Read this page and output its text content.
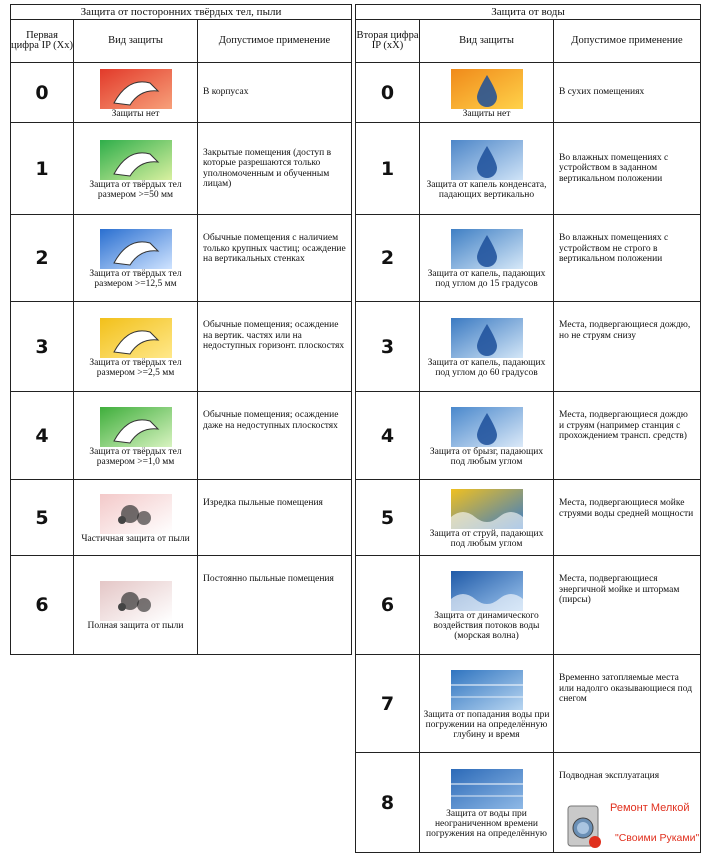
Защита от посторонних твёрдых тел, пыли		
Первая цифра IP (Xx)	Вид защиты	Допустимое применение
0	Защиты нет	В корпусах
1	Защита от твёрдых тел размером >=50 мм	Закрытые помещения (доступ в которые разрешаются только уполномоченным и обученным лицам)
2	Защита от твёрдых тел размером >=12,5 мм	Обычные помещения с наличием только крупных частиц; осаждение на вертикальных стенках
3	Защита от твёрдых тел размером >=2,5 мм	Обычные помещения; осаждение на вертик. частях или на недоступных горизонт. плоскостях
4	Защита от твёрдых тел размером >=1,0 мм	Обычные помещения; осаждение даже на недоступных плоскостях
5	Частичная защита от пыли	Изредка пыльные помещения
6	Полная защита от пыли	Постоянно пыльные помещения
Защита от воды		
Вторая цифра IP (xX)	Вид защиты	Допустимое применение
0	Защиты нет	В сухих помещениях
1	Защита от капель конденсата, падающих вертикально	Во влажных помещениях с устройством в заданном вертикальном положении
2	Защита от капель, падающих под углом до 15 градусов	Во влажных помещениях с устройством не строго в вертикальном положении
3	Защита от капель, падающих под углом до 60 градусов	Места, подвергающиеся дождю, но не струям снизу
4	Защита от брызг, падающих под любым углом	Места, подвергающиеся дождю и струям (например станция с прохождением трансп. средств)
5	Защита от струй, падающих под любым углом	Места, подвергающиеся мойке струями воды средней мощности
6	Защита от динамического воздействия потоков воды (морская волна)	Места, подвергающиеся энергичной мойке и штормам (пирсы)
7	Защита от попадания воды при погружении на определённую глубину и время	Временно затопляемые места или надолго оказывающиеся под снегом
8	Защита от воды при неограниченном времени погружения на определённую	Подводная эксплуатация
Ремонт Мелкой
"Своими Руками"
